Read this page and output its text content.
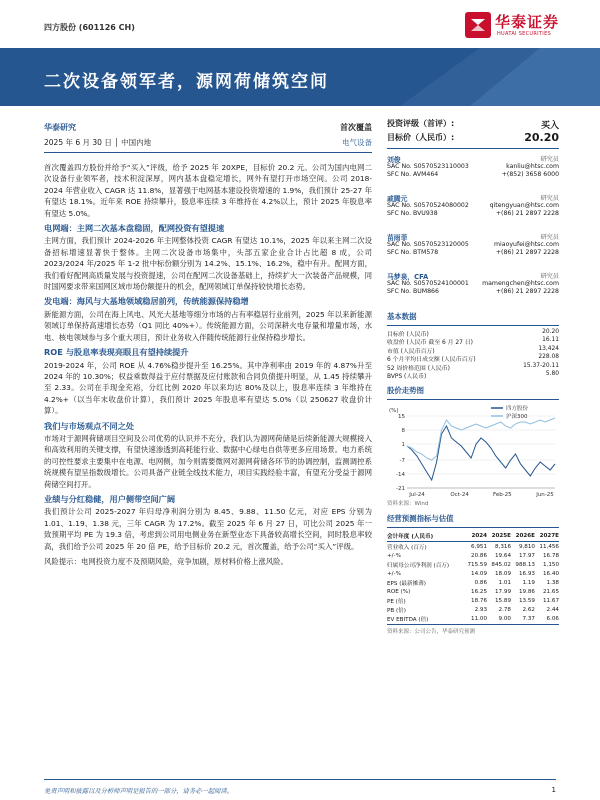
四方股份 (601126 CH)	华泰证券
HUATAI SECURITIES
二次设备领军者，源网荷储筑空间
华泰研究	首次覆盖
2025 年 6 月 30 日 │ 中国内地	电气设备

首次覆盖四方股份并给予“买入”评级，给予 2025 年 20XPE，目标价 20.2 元。公司为国内电网二次设备行业领军者，技术积淀深厚，网内基本盘稳定增长，网外有望打开市场空间。公司 2018-2024 年营业收入 CAGR 达 11.8%，显著强于电网基本建设投资增速的 1.9%，我们预计 25-27 年有望达 18.1%。近年来 ROE 持续攀升，股息率连续 3 年维持在 4.2%以上，预计 2025 年股息率有望达 5.0%。

电网端：主网二次基本盘稳固，配网投资有望提速

主网方面，我们预计 2024-2026 年主网整体投资 CAGR 有望达 10.1%，2025 年以来主网二次设备招标增速显著快于整体。主网二次设备市场集中，头部五家企业合计占比超 8 成，公司 2023/2024 年/2025 年 1-2 批中标份额分别为 14.2%、15.1%、16.2%，稳中有升。配网方面，我们看好配网高质量发展与投资提速，公司在配网二次设备基础上，持续扩大一次装备产品规模，同时国网要求带来国网区域市场份额提升的机会，配网领域订单保持较快增长态势。

发电端：海风与大基地领域稳居前列，传统能源保持稳增

新能源方面，公司在海上风电、风光大基地等细分市场的占有率稳居行业前列，2025 年以来新能源领域订单保持高速增长态势（Q1 同比 40%+）。传统能源方面，公司深耕火电存量和增量市场，水电、核电领域参与多个重大项目，预计业务收入伴随传统能源行业保持稳步增长。

ROE 与股息率表现亮眼且有望持续提升

2019-2024 年，公司 ROE 从 4.76%稳步提升至 16.25%。其中净利率由 2019 年的 4.87%升至 2024 年的 10.30%；权益乘数得益于应付票据及应付账款和合同负债提升明显，从 1.45 持续攀升至 2.33。公司在手现金充裕，分红比例 2020 年以来均达 80%及以上，股息率连续 3 年维持在 4.2%+（以当年末收盘价计算），我们预计 2025 年股息率有望达 5.0%（以 250627 收盘价计算）。

我们与市场观点不同之处

市场对于源网荷储项目空间及公司优势的认识并不充分，我们认为源网荷储是后续新能源大规模接入和高效利用的关键支撑，有望快速渗透到高耗能行业、数据中心绿电自供等更多应用场景。电力系统的可控性要求主要集中在电源、电网侧，加今则需要微网对源网荷储各环节的协调控制，监测调控系统规模有望呈指数级增长。公司具备产业链全线技术能力，项目实践经验丰富，有望充分受益于源网荷储空间打开。

业绩与分红稳健，用户侧带空间广阔

我们预计公司 2025-2027 年归母净利润分别为 8.45、9.88、11.50 亿元，对应 EPS 分别为 1.01、1.19、1.38 元，三年 CAGR 为 17.2%。截至 2025 年 6 月 27 日，可比公司 2025 年一致预期平均 PE 为 19.3 倍，考虑到公司用电侧业务在新型业态下具备较高增长空间，同时股息率较高，我们给予公司 2025 年 20 倍 PE，给予目标价 20.2 元，首次覆盖，给予公司“买入”评级。

风险提示：电网投资力度不及预期风险，竞争加剧，原材料价格上涨风险。

投资评级（首评）:	买入
目标价（人民币）:	20.20
刘俊	研究员
SAC No. S0570523110003	kanliu@htsc.com
SFC No. AVM464	+(852) 3658 6000
戚腾元	研究员
SAC No. S0570524080002	qitengyuan@htsc.com
SFC No. BVU938	+(86) 21 2897 2228
苗雨菲	研究员
SAC No. S0570523120005	miaoyufei@htsc.com
SFC No. BTM578	+(86) 21 2897 2228
马梦泉，CFA	研究员
SAC No. S0570524100001 mamengchen@htsc.com
SFC No. BUM866	+(86) 21 2897 2228
基本数据
目标价 (人民币)	20.20
收盘价 (人民币 截至 6 月 27 日)	16.11
市值 (人民币百万)	13,424
6 个月平均日成交额 (人民币百万)	228.08
52 周价格范围 (人民币)	15.37-20.11
BVPS (人民币)	5.80
股价走势图
(%)
15
8
1
-7
-14
-21
Jul-24	Oct-24	Feb-25	Jun-25
四方股份
沪深300
资料来源：Wind
经营预测指标与估值
会计年度 (人民币)	2024	2025E	2026E	2027E
营业收入 (百万)	6,951	8,316	9,810	11,456
+/-%	20.86	19.64	17.97	16.78
归属母公司净利润 (百万)	715.59	845.02	988.13	1,150
+/-%	14.09	18.09	16.93	16.40
EPS (最新摊薄)	0.86	1.01	1.19	1.38
ROE (%)	16.25	17.99	19.86	21.65
PE (倍)	18.76	15.89	13.59	11.67
PB (倍)	2.93	2.78	2.62	2.44
EV EBITDA (倍)	11.00	9.00	7.37	6.06
资料来源：公司公告，华泰研究预测
免责声明和披露以及分析师声明是报告的一部分，请务必一起阅读。	1
